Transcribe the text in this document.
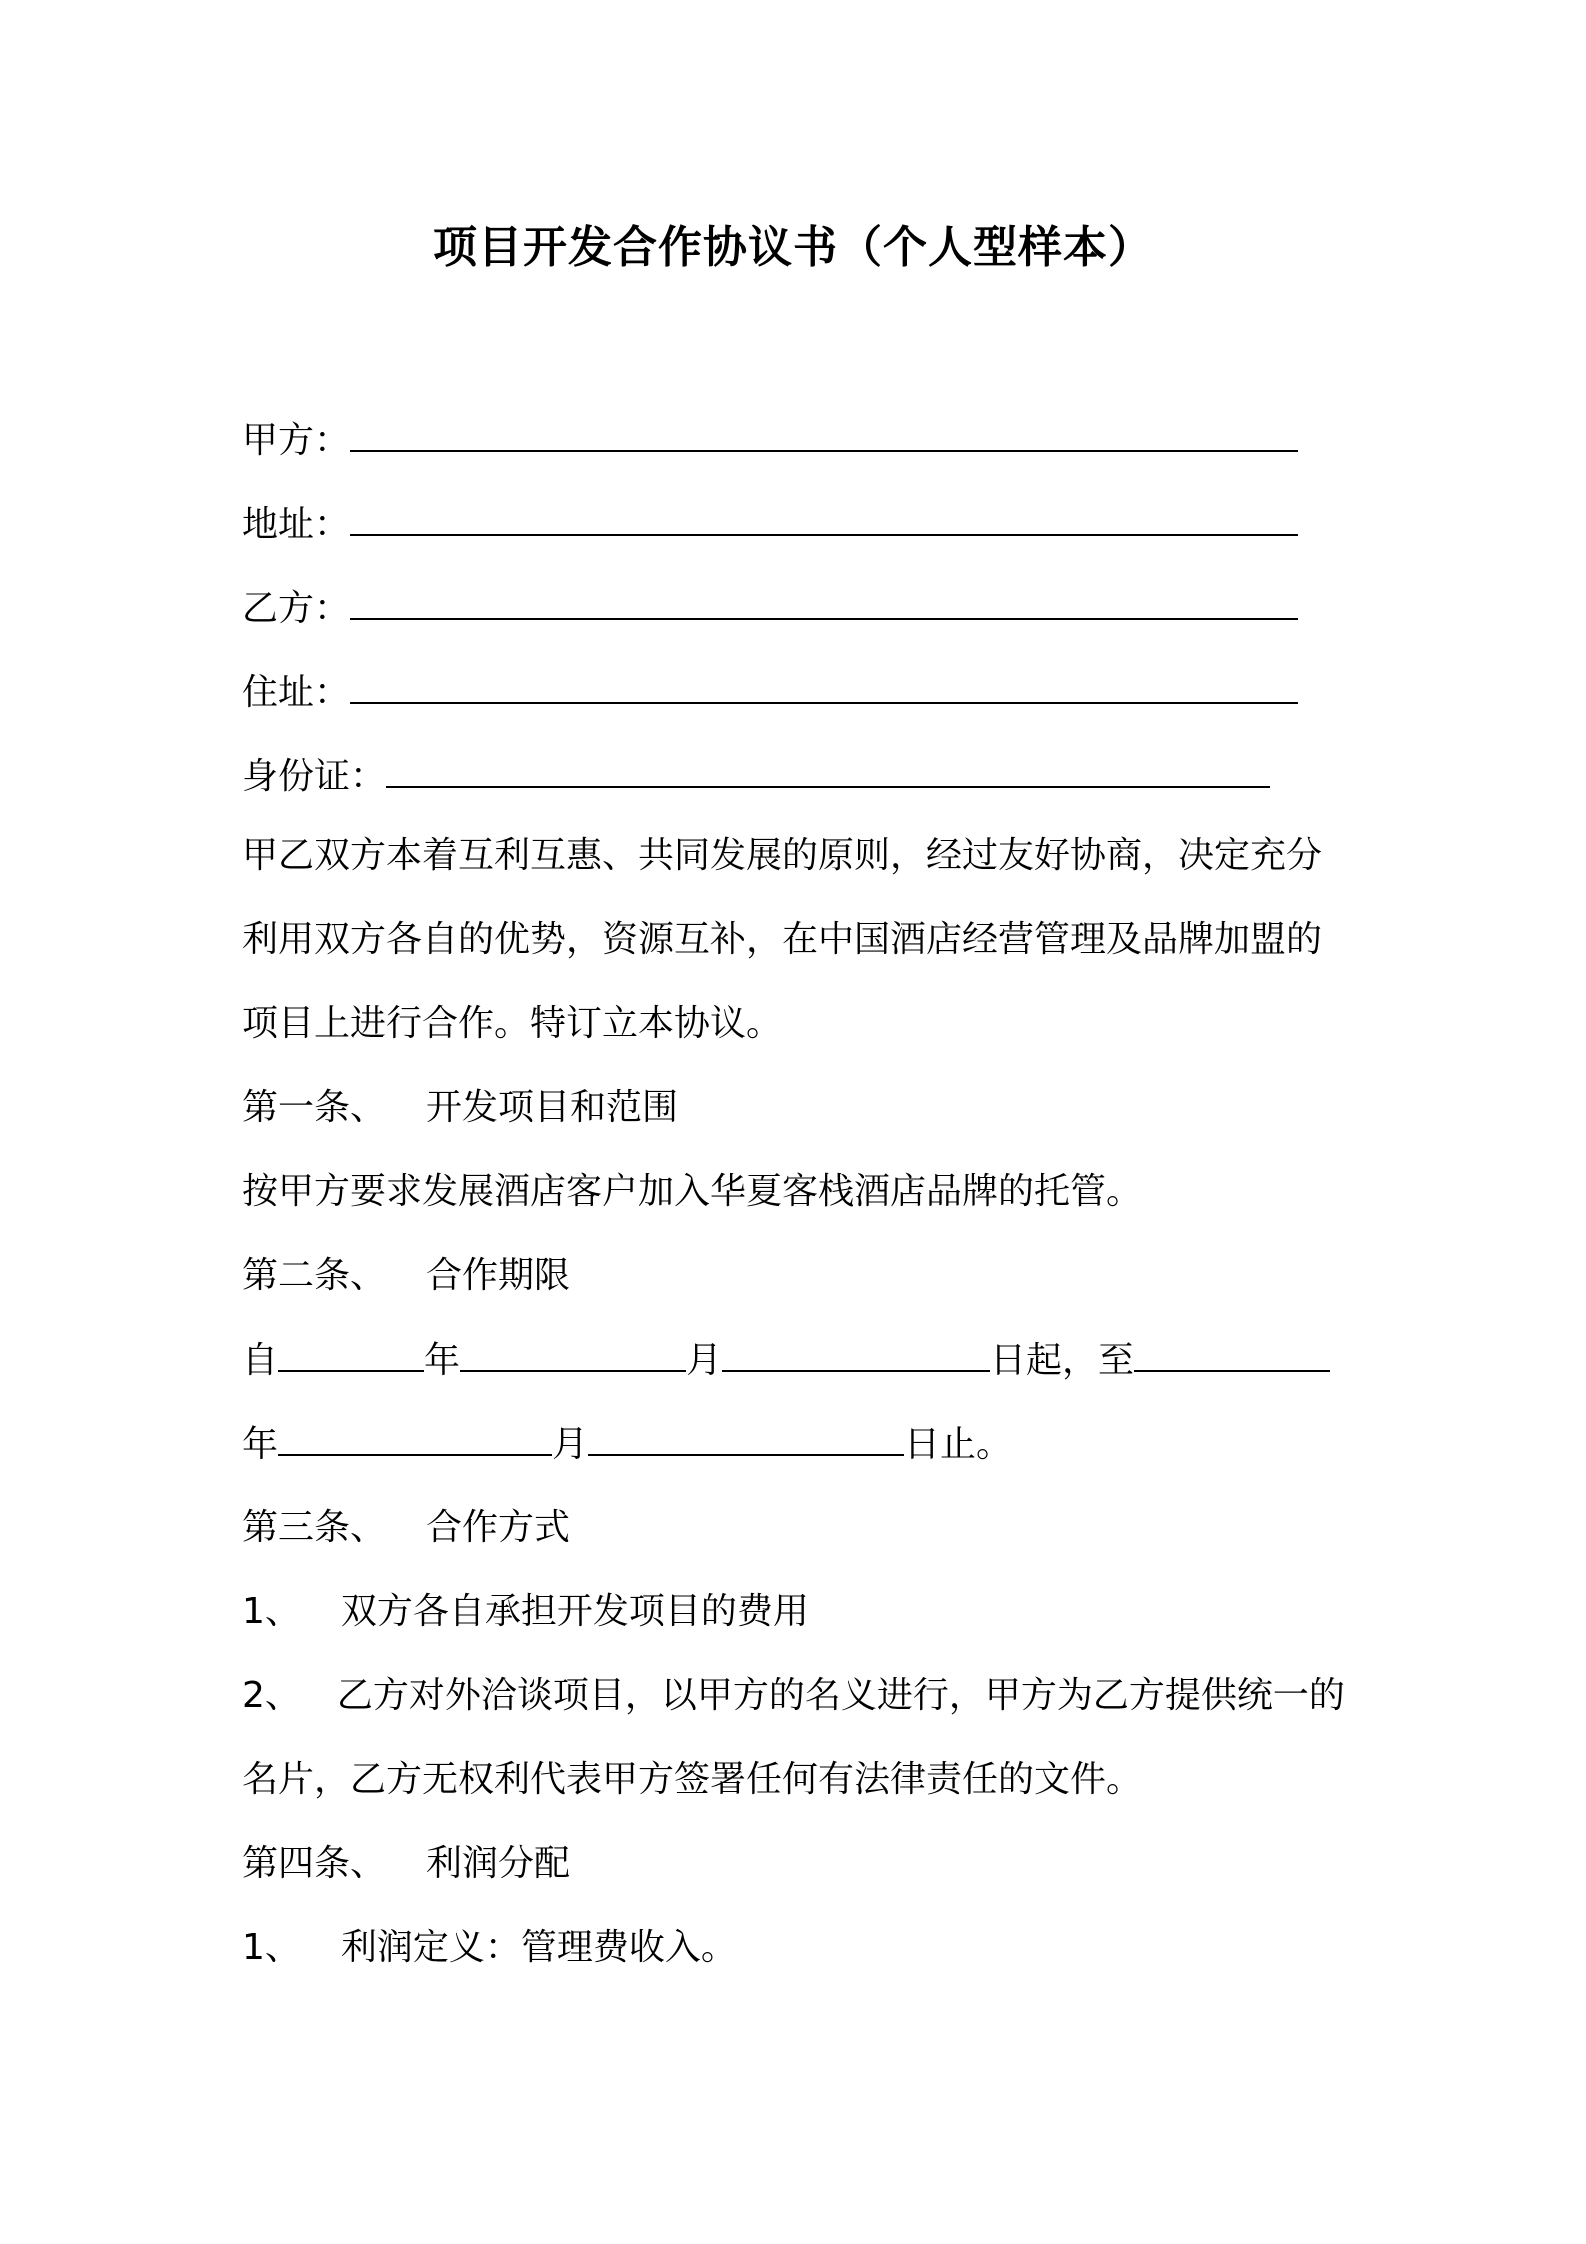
项目开发合作协议书（个人型样本）
甲方：
地址：
乙方：
住址：
身份证：
甲乙双方本着互利互惠、共同发展的原则，经过友好协商，决定充分
利用双方各自的优势，资源互补，在中国酒店经营管理及品牌加盟的
项目上进行合作。特订立本协议。
第一条、 开发项目和范围
按甲方要求发展酒店客户加入华夏客栈酒店品牌的托管。
第二条、 合作期限
自	年	月	日起，至
年	月	日止。
第三条、 合作方式
1、 双方各自承担开发项目的费用
2、 乙方对外洽谈项目，以甲方的名义进行，甲方为乙方提供统一的
名片，乙方无权利代表甲方签署任何有法律责任的文件。
第四条、 利润分配
1、 利润定义：管理费收入。
